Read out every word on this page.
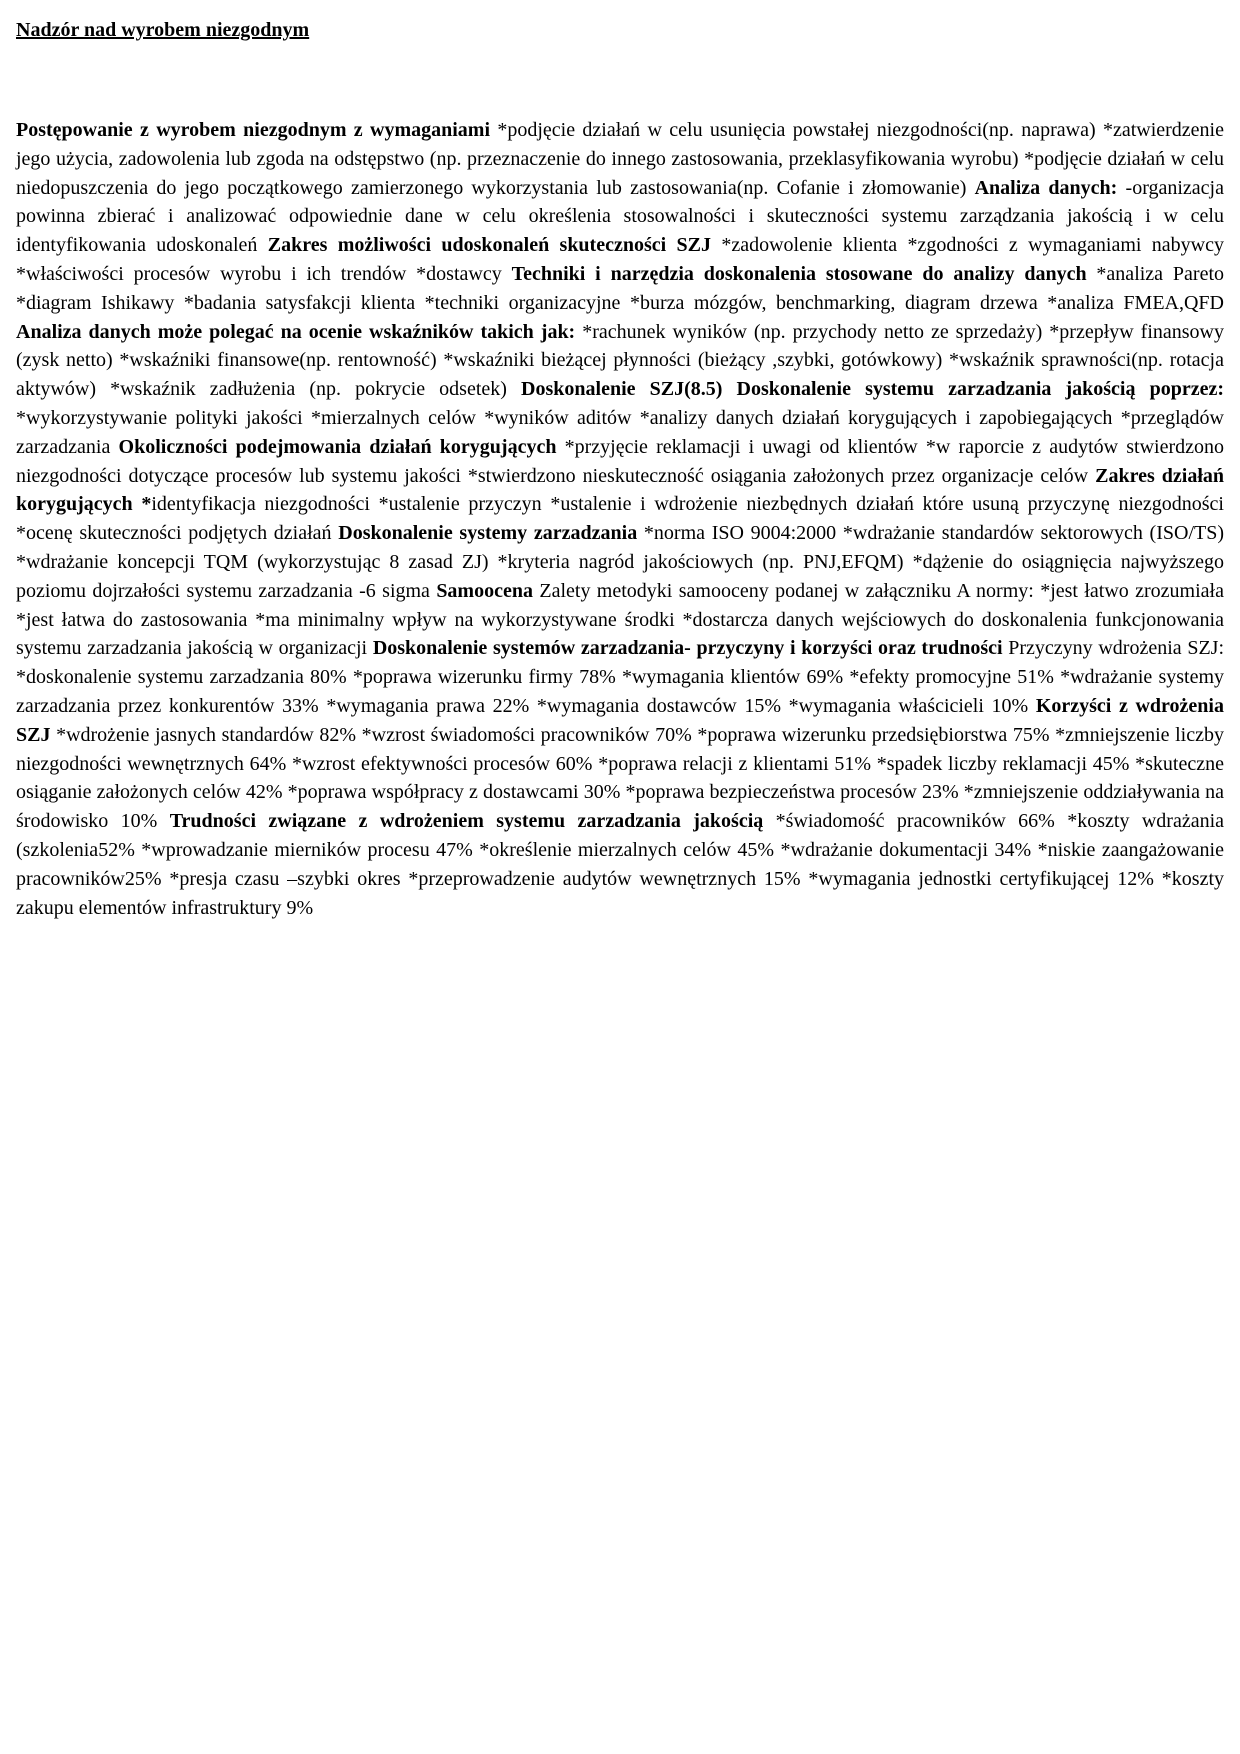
Nadzór nad wyrobem niezgodnym
Postępowanie z wyrobem niezgodnym z wymaganiami *podjęcie działań w celu usunięcia powstałej niezgodności(np. naprawa) *zatwierdzenie jego użycia, zadowolenia lub zgoda na odstępstwo (np. przeznaczenie do innego zastosowania, przeklasyfikowania wyrobu) *podjęcie działań w celu niedopuszczenia do jego początkowego zamierzonego wykorzystania lub zastosowania(np. Cofanie i złomowanie) Analiza danych: -organizacja powinna zbierać i analizować odpowiednie dane w celu określenia stosowalności i skuteczności systemu zarządzania jakością i w celu identyfikowania udoskonaleń Zakres możliwości udoskonaleń skuteczności SZJ *zadowolenie klienta *zgodności z wymaganiami nabywcy *właściwości procesów wyrobu i ich trendów *dostawcy Techniki i narzędzia doskonalenia stosowane do analizy danych *analiza Pareto *diagram Ishikawy *badania satysfakcji klienta *techniki organizacyjne *burza mózgów, benchmarking, diagram drzewa *analiza FMEA,QFD Analiza danych może polegać na ocenie wskaźników takich jak: *rachunek wyników (np. przychody netto ze sprzedaży) *przepływ finansowy (zysk netto) *wskaźniki finansowe(np. rentowność) *wskaźniki bieżącej płynności (bieżący ,szybki, gotówkowy) *wskaźnik sprawności(np. rotacja aktywów) *wskaźnik zadłużenia (np. pokrycie odsetek) Doskonalenie SZJ(8.5) Doskonalenie systemu zarzadzania jakością poprzez: *wykorzystywanie polityki jakości *mierzalnych celów *wyników aditów *analizy danych działań korygujących i zapobiegających *przeglądów zarzadzania Okoliczności podejmowania działań korygujących *przyjęcie reklamacji i uwagi od klientów *w raporcie z audytów stwierdzono niezgodności dotyczące procesów lub systemu jakości *stwierdzono nieskuteczność osiągania założonych przez organizacje celów Zakres działań korygujących *identyfikacja niezgodności *ustalenie przyczyn *ustalenie i wdrożenie niezbędnych działań które usuną przyczynę niezgodności *ocenę skuteczności podjętych działań Doskonalenie systemy zarzadzania *norma ISO 9004:2000 *wdrażanie standardów sektorowych (ISO/TS) *wdrażanie koncepcji TQM (wykorzystując 8 zasad ZJ) *kryteria nagród jakościowych (np. PNJ,EFQM) *dążenie do osiągnięcia najwyższego poziomu dojrzałości systemu zarzadzania -6 sigma Samoocena Zalety metodyki samooceny podanej w załączniku A normy: *jest łatwo zrozumiała *jest łatwa do zastosowania *ma minimalny wpływ na wykorzystywane środki *dostarcza danych wejściowych do doskonalenia funkcjonowania systemu zarzadzania jakością w organizacji Doskonalenie systemów zarzadzania- przyczyny i korzyści oraz trudności Przyczyny wdrożenia SZJ: *doskonalenie systemu zarzadzania 80% *poprawa wizerunku firmy 78% *wymagania klientów 69% *efekty promocyjne 51% *wdrażanie systemy zarzadzania przez konkurentów 33% *wymagania prawa 22% *wymagania dostawców 15% *wymagania właścicieli 10% Korzyści z wdrożenia SZJ *wdrożenie jasnych standardów 82% *wzrost świadomości pracowników 70% *poprawa wizerunku przedsiębiorstwa 75% *zmniejszenie liczby niezgodności wewnętrznych 64% *wzrost efektywności procesów 60% *poprawa relacji z klientami 51% *spadek liczby reklamacji 45% *skuteczne osiąganie założonych celów 42% *poprawa współpracy z dostawcami 30% *poprawa bezpieczeństwa procesów 23% *zmniejszenie oddziaływania na środowisko 10% Trudności związane z wdrożeniem systemu zarzadzania jakością *świadomość pracowników 66% *koszty wdrażania (szkolenia52% *wprowadzanie mierników procesu 47% *określenie mierzalnych celów 45% *wdrażanie dokumentacji 34% *niskie zaangażowanie pracowników25% *presja czasu –szybki okres *przeprowadzenie audytów wewnętrznych 15% *wymagania jednostki certyfikującej 12% *koszty zakupu elementów infrastruktury 9%
